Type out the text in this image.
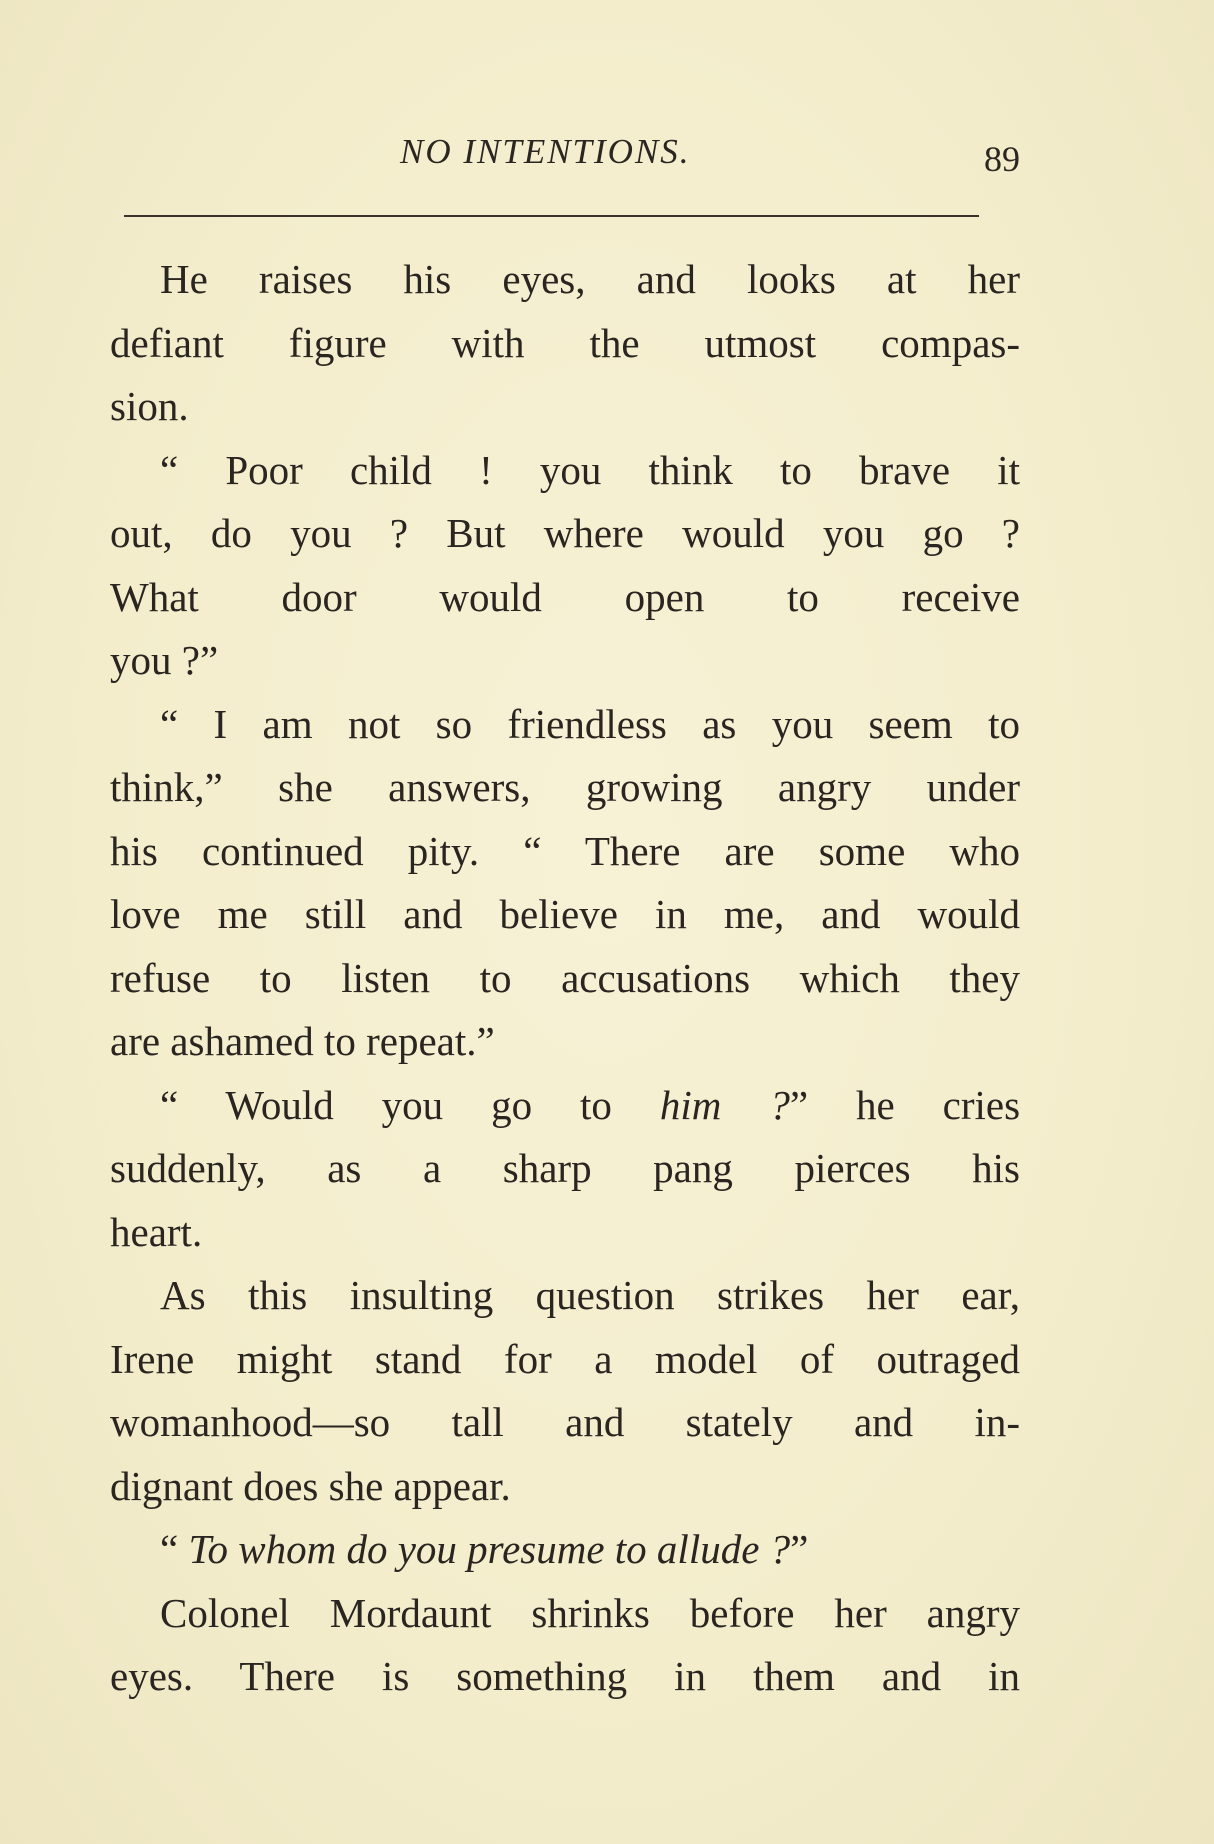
NO INTENTIONS.	89
He raises his eyes, and looks at her
defiant figure with the utmost compas-
sion.
“ Poor child ! you think to brave it
out, do you ? But where would you go ?
What door would open to receive
you ?”
“ I am not so friendless as you seem to
think,” she answers, growing angry under
his continued pity. “ There are some who
love me still and believe in me, and would
refuse to listen to accusations which they
are ashamed to repeat.”
“ Would you go to him ?” he cries
suddenly, as a sharp pang pierces his
heart.
As this insulting question strikes her ear,
Irene might stand for a model of outraged
womanhood—so tall and stately and in-
dignant does she appear.
“ To whom do you presume to allude ?”
Colonel Mordaunt shrinks before her angry
eyes. There is something in them and in
